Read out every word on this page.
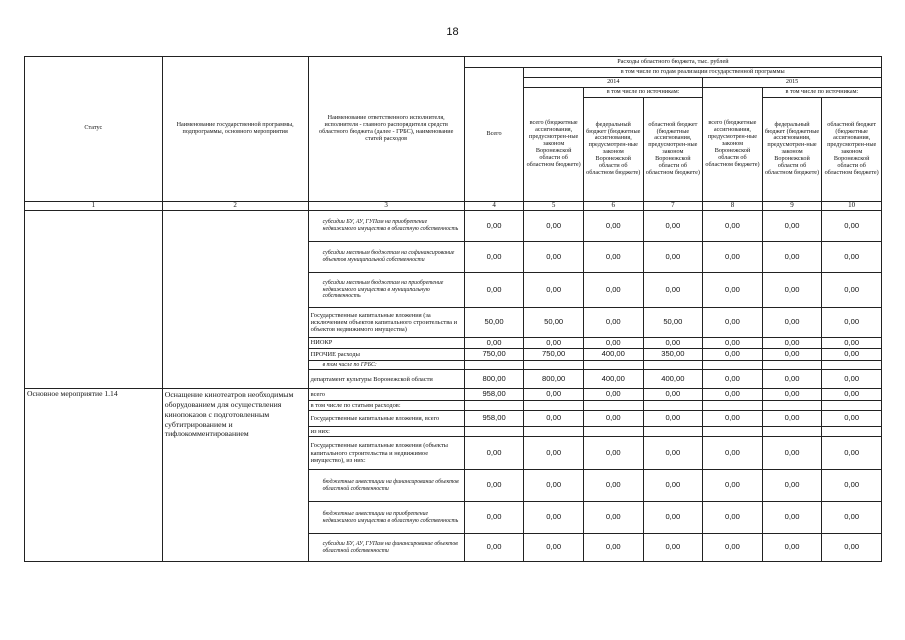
18
Статус	Наименование государственной программы, подпрограммы, основного мероприятия	Наименование ответственного исполнителя, исполнителя - главного распорядителя средств областного бюджета (далее - ГРБС), наименование статей расходов	Расходы областного бюджета, тыс. рублей						
			Всего	в том числе по годам реализации государственной программы					
				2014			2015		
				всего (бюджетные ассигнования, предусмотрен-ные законом Воронежской области об областном бюджете)	в том числе по источникам:		всего (бюджетные ассигнования, предусмотрен-ные законом Воронежской области об областном бюджете)	в том числе по источникам:	
					федеральный бюджет (бюджетные ассигнования, предусмотрен-ные законом Воронежской области об областном бюджете)	областной бюджет (бюджетные ассигнования, предусмотрен-ные законом Воронежской области об областном бюджете)		федеральный бюджет (бюджетные ассигнования, предусмотрен-ные законом Воронежской области об областном бюджете)	областной бюджет (бюджетные ассигнования, предусмотрен-ные законом Воронежской области об областном бюджете)
1	2	3	4	5	6	7	8	9	10
		субсидии БУ, АУ, ГУПам на приобретение недвижимого имущества в областную собственность	0,00	0,00	0,00	0,00	0,00	0,00	0,00
		субсидии местным бюджетам на софинансирование объектов муниципальной собственности	0,00	0,00	0,00	0,00	0,00	0,00	0,00
		субсидии местным бюджетам на приобретение недвижимого имущества в муниципальную собственность	0,00	0,00	0,00	0,00	0,00	0,00	0,00
		Государственные капитальные вложения (за исключением объектов капитального строительства и объектов недвижимого имущества)	50,00	50,00	0,00	50,00	0,00	0,00	0,00
		НИОКР	0,00	0,00	0,00	0,00	0,00	0,00	0,00
		ПРОЧИЕ расходы	750,00	750,00	400,00	350,00	0,00	0,00	0,00
		в том числе по ГРБС:							
		департамент культуры Воронежской области	800,00	800,00	400,00	400,00	0,00	0,00	0,00
Основное мероприятие 1.14	Оснащение кинотеатров необходимым оборудованием для осуществления кинопоказов с подготовленным субтитрированием и тифлокомментированием	всего	958,00	0,00	0,00	0,00	0,00	0,00	0,00
		в том числе по статьям расходов:							
		Государственные капитальные вложения, всего	958,00	0,00	0,00	0,00	0,00	0,00	0,00
		из них:							
		Государственные капитальные вложения (объекты капитального строительства и недвижимое имущество), из них:	0,00	0,00	0,00	0,00	0,00	0,00	0,00
		бюджетные инвестиции на финансирование объектов областной собственности	0,00	0,00	0,00	0,00	0,00	0,00	0,00
		бюджетные инвестиции на приобретение недвижимого имущества в областную собственность	0,00	0,00	0,00	0,00	0,00	0,00	0,00
		субсидии БУ, АУ, ГУПам на финансирование объектов областной собственности	0,00	0,00	0,00	0,00	0,00	0,00	0,00
